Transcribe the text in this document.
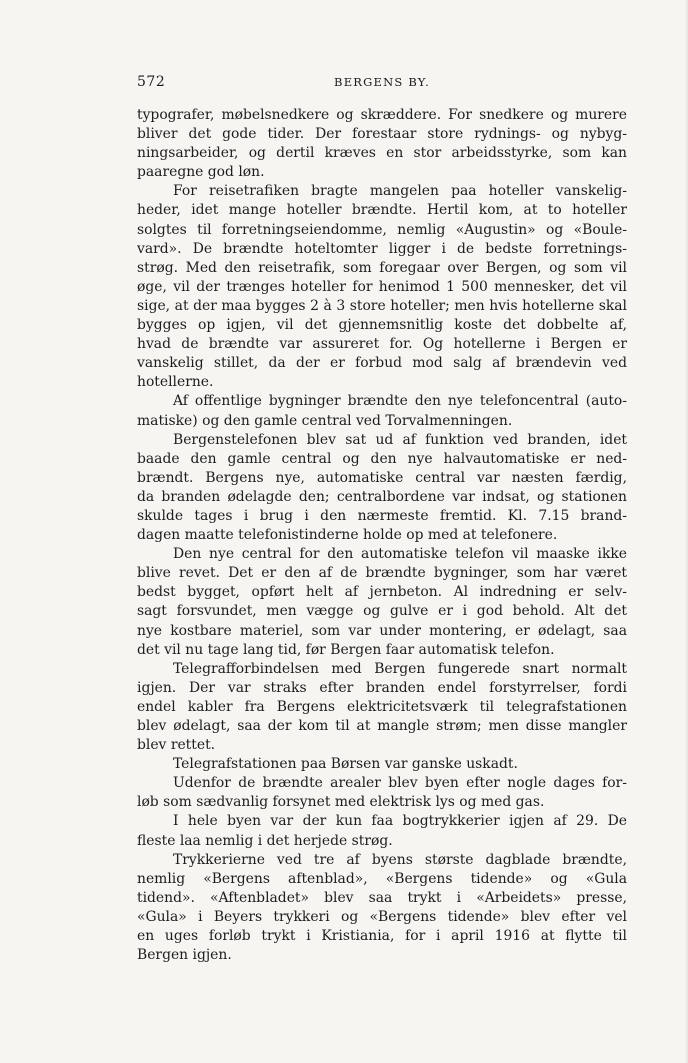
572	BERGENS BY.
typografer, møbelsnedkere og skræddere. For snedkere og murere
bliver det gode tider. Der forestaar store rydnings- og nybyg-
ningsarbeider, og dertil kræves en stor arbeidsstyrke, som kan
paaregne god løn.
For reisetrafiken bragte mangelen paa hoteller vanskelig-
heder, idet mange hoteller brændte. Hertil kom, at to hoteller
solgtes til forretningseiendomme, nemlig «Augustin» og «Boule-
vard». De brændte hoteltomter ligger i de bedste forretnings-
strøg. Med den reisetrafik, som foregaar over Bergen, og som vil
øge, vil der trænges hoteller for henimod 1 500 mennesker, det vil
sige, at der maa bygges 2 à 3 store hoteller; men hvis hotellerne skal
bygges op igjen, vil det gjennemsnitlig koste det dobbelte af,
hvad de brændte var assureret for. Og hotellerne i Bergen er
vanskelig stillet, da der er forbud mod salg af brændevin ved
hotellerne.
Af offentlige bygninger brændte den nye telefoncentral (auto-
matiske) og den gamle central ved Torvalmenningen.
Bergenstelefonen blev sat ud af funktion ved branden, idet
baade den gamle central og den nye halvautomatiske er ned-
brændt. Bergens nye, automatiske central var næsten færdig,
da branden ødelagde den; centralbordene var indsat, og stationen
skulde tages i brug i den nærmeste fremtid. Kl. 7.15 brand-
dagen maatte telefonistinderne holde op med at telefonere.
Den nye central for den automatiske telefon vil maaske ikke
blive revet. Det er den af de brændte bygninger, som har været
bedst bygget, opført helt af jernbeton. Al indredning er selv-
sagt forsvundet, men vægge og gulve er i god behold. Alt det
nye kostbare materiel, som var under montering, er ødelagt, saa
det vil nu tage lang tid, før Bergen faar automatisk telefon.
Telegrafforbindelsen med Bergen fungerede snart normalt
igjen. Der var straks efter branden endel forstyrrelser, fordi
endel kabler fra Bergens elektricitetsværk til telegrafstationen
blev ødelagt, saa der kom til at mangle strøm; men disse mangler
blev rettet.
Telegrafstationen paa Børsen var ganske uskadt.
Udenfor de brændte arealer blev byen efter nogle dages for-
løb som sædvanlig forsynet med elektrisk lys og med gas.
I hele byen var der kun faa bogtrykkerier igjen af 29. De
fleste laa nemlig i det herjede strøg.
Trykkerierne ved tre af byens største dagblade brændte,
nemlig «Bergens aftenblad», «Bergens tidende» og «Gula
tidend». «Aftenbladet» blev saa trykt i «Arbeidets» presse,
«Gula» i Beyers trykkeri og «Bergens tidende» blev efter vel
en uges forløb trykt i Kristiania, for i april 1916 at flytte til
Bergen igjen.
